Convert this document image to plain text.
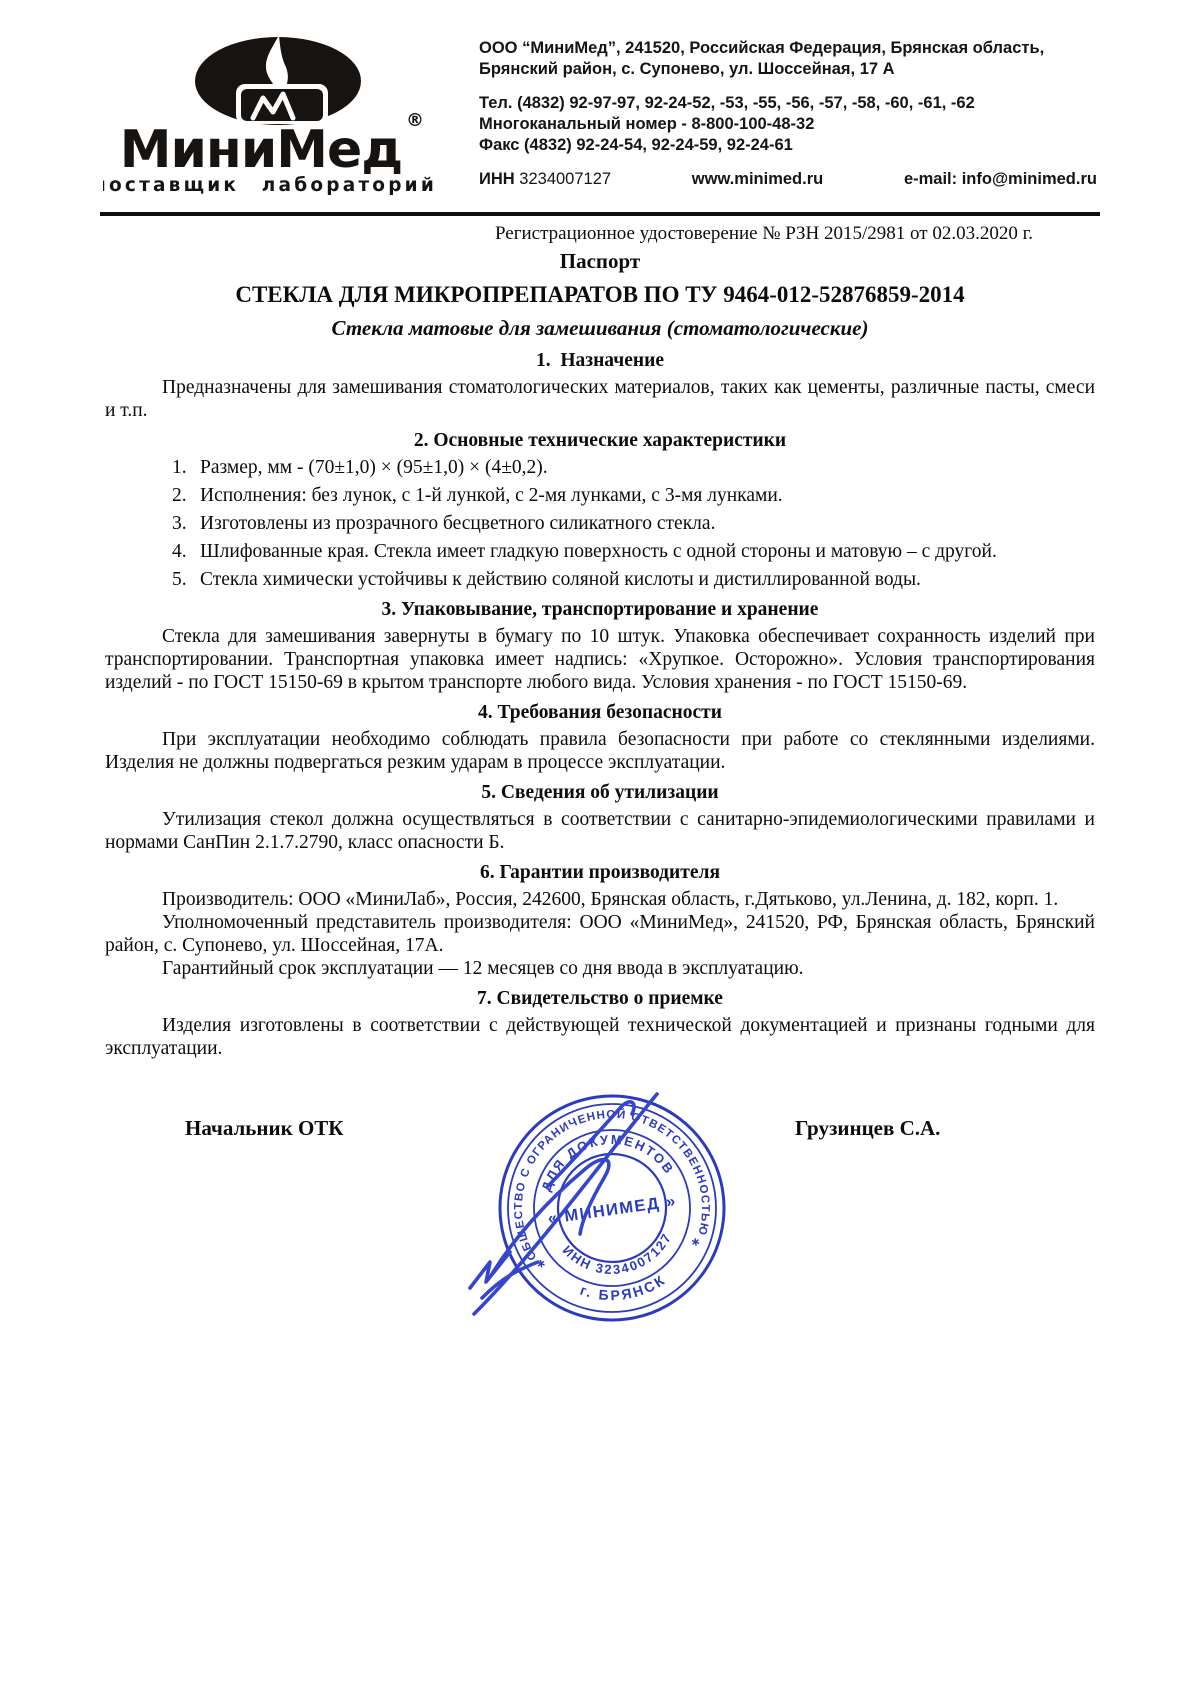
МиниМед ®
поставщик лабораторий
ООО “МиниМед”, 241520, Российская Федерация, Брянская область,
Брянский район, с. Супонево, ул. Шоссейная, 17 А
Тел. (4832) 92-97-97, 92-24-52, -53, -55, -56, -57, -58, -60, -61, -62
Многоканальный номер - 8-800-100-48-32
Факс (4832) 92-24-54, 92-24-59, 92-24-61
ИНН 3234007127	www.minimed.ru	e-mail: info@minimed.ru
Регистрационное удостоверение № РЗН 2015/2981 от 02.03.2020 г.
Паспорт
СТЕКЛА ДЛЯ МИКРОПРЕПАРАТОВ ПО ТУ 9464-012-52876859-2014
Стекла матовые для замешивания (стоматологические)
1.  Назначение

Предназначены для замешивания стоматологических материалов, таких как цементы, различные пасты, смеси и т.п.

2. Основные технические характеристики
1. Размер, мм - (70±1,0) × (95±1,0) × (4±0,2).
2. Исполнения: без лунок, с 1-й лункой, с 2-мя лунками, с 3-мя лунками.
3. Изготовлены из прозрачного бесцветного силикатного стекла.
4. Шлифованные края. Стекла имеет гладкую поверхность с одной стороны и матовую – с другой.
5. Стекла химически устойчивы к действию соляной кислоты и дистиллированной воды.
3. Упаковывание, транспортирование и хранение

Стекла для замешивания завернуты в бумагу по 10 штук. Упаковка обеспечивает сохранность изделий при транспортировании. Транспортная упаковка имеет надпись: «Хрупкое. Осторожно». Условия транспортирования изделий - по ГОСТ 15150-69 в крытом транспорте любого вида. Условия хранения - по ГОСТ 15150-69.

4. Требования безопасности

При эксплуатации необходимо соблюдать правила безопасности при работе со стеклянными изделиями. Изделия не должны подвергаться резким ударам в процессе эксплуатации.

5. Сведения об утилизации

Утилизация стекол должна осуществляться в соответствии с санитарно-эпидемиологическими правилами и нормами СанПин 2.1.7.2790, класс опасности Б.

6. Гарантии производителя

Производитель: ООО «МиниЛаб», Россия, 242600, Брянская область, г.Дятьково, ул.Ленина, д. 182, корп. 1.

Уполномоченный представитель производителя: ООО «МиниМед», 241520, РФ, Брянская область, Брянский район, с. Супонево, ул. Шоссейная, 17А.

Гарантийный срок эксплуатации — 12 месяцев со дня ввода в эксплуатацию.

7. Свидетельство о приемке

Изделия изготовлены в соответствии с действующей технической документацией и признаны годными для эксплуатации.

Начальник ОТК	Грузинцев С.А.
ОБЩЕСТВО С ОГРАНИЧЕННОЙ ОТВЕТСТВЕННОСТЬЮ
г. БРЯНСК
ДЛЯ ДОКУМЕНТОВ
ИНН 3234007127
« МИНИМЕД »
∗
∗
